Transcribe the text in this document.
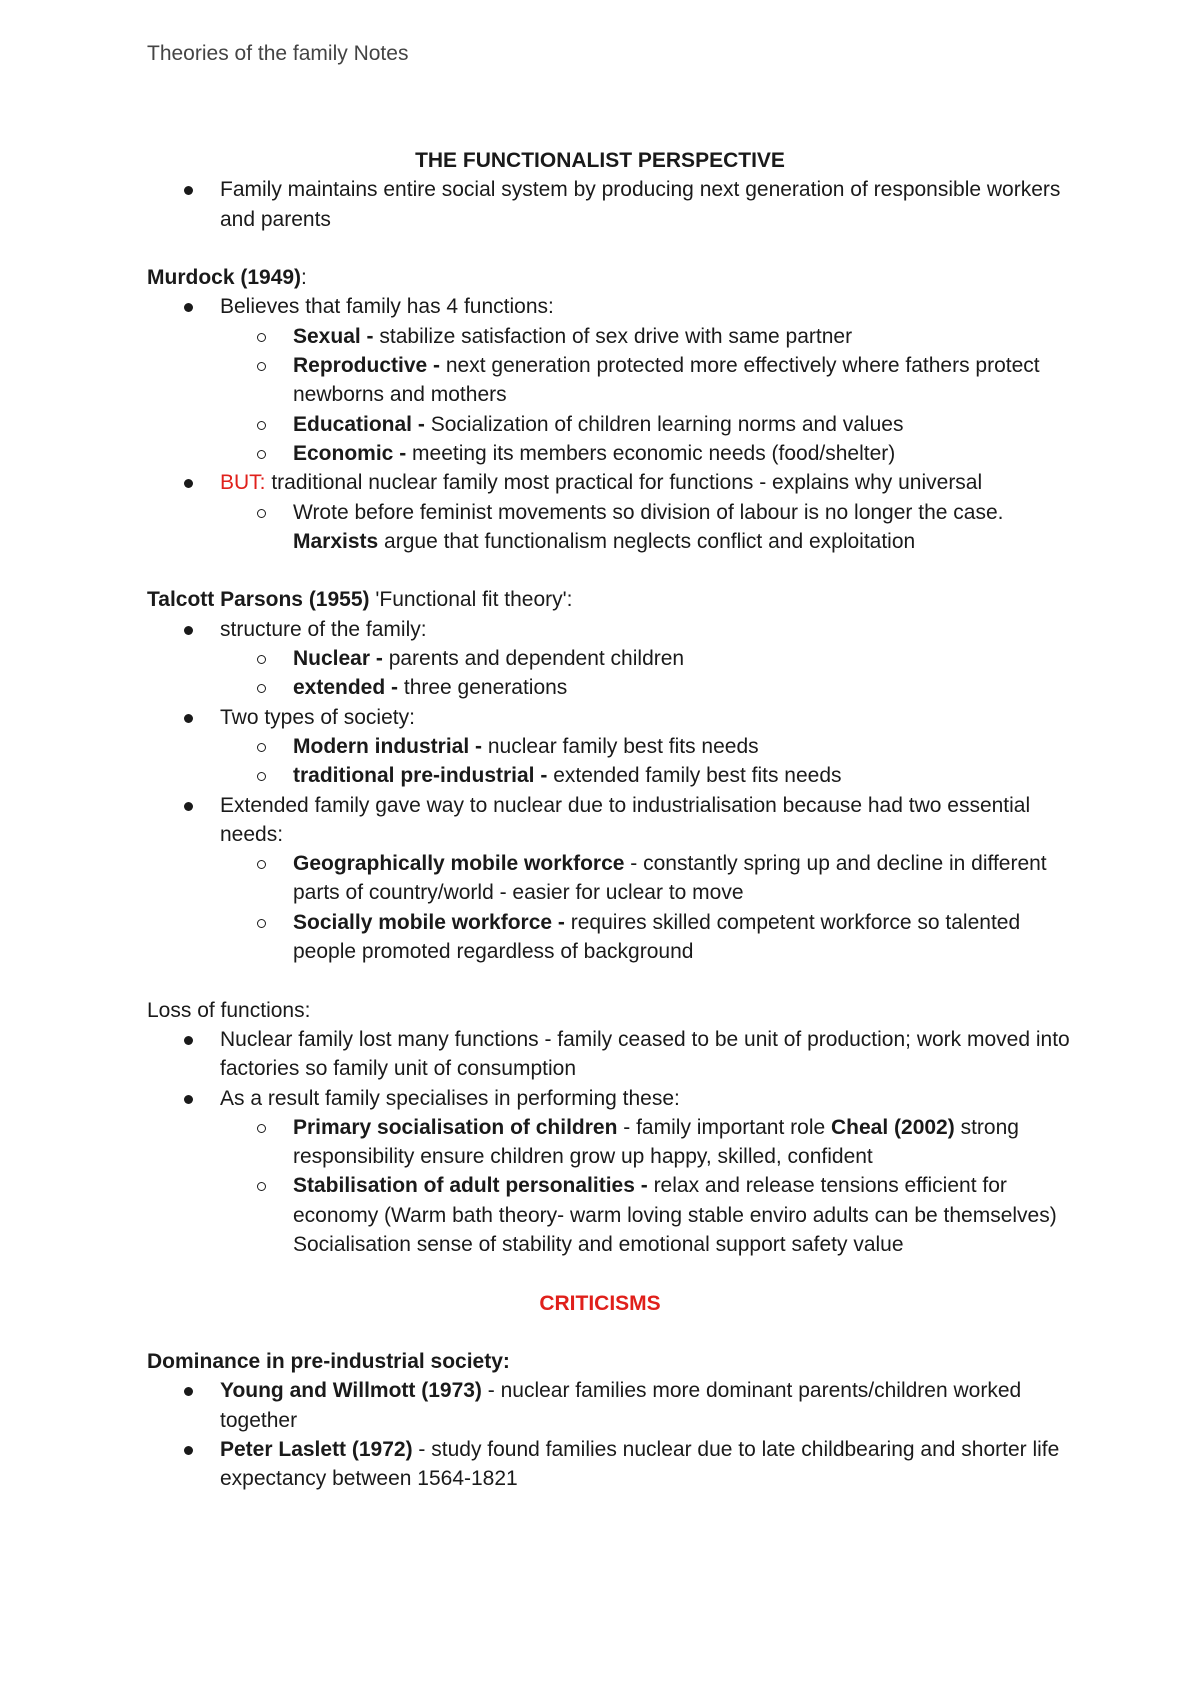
Theories of the family Notes
THE FUNCTIONALIST PERSPECTIVE
Family maintains entire social system by producing next generation of responsible workers and parents
Murdock (1949):
Believes that family has 4 functions:
Sexual - stabilize satisfaction of sex drive with same partner
Reproductive - next generation protected more effectively where fathers protect newborns and mothers
Educational - Socialization of children learning norms and values
Economic - meeting its members economic needs (food/shelter)
BUT: traditional nuclear family most practical for functions - explains why universal
Wrote before feminist movements so division of labour is no longer the case. Marxists argue that functionalism neglects conflict and exploitation
Talcott Parsons (1955) 'Functional fit theory':
structure of the family:
Nuclear - parents and dependent children
extended - three generations
Two types of society:
Modern industrial - nuclear family best fits needs
traditional pre-industrial - extended family best fits needs
Extended family gave way to nuclear due to industrialisation because had two essential needs:
Geographically mobile workforce - constantly spring up and decline in different parts of country/world - easier for uclear to move
Socially mobile workforce - requires skilled competent workforce so talented people promoted regardless of background
Loss of functions:
Nuclear family lost many functions - family ceased to be unit of production; work moved into factories so family unit of consumption
As a result family specialises in performing these:
Primary socialisation of children - family important role Cheal (2002) strong responsibility ensure children grow up happy, skilled, confident
Stabilisation of adult personalities - relax and release tensions efficient for economy (Warm bath theory- warm loving stable enviro adults can be themselves) Socialisation sense of stability and emotional support safety value
CRITICISMS
Dominance in pre-industrial society:
Young and Willmott (1973) - nuclear families more dominant parents/children worked together
Peter Laslett (1972) - study found families nuclear due to late childbearing and shorter life expectancy between 1564-1821
